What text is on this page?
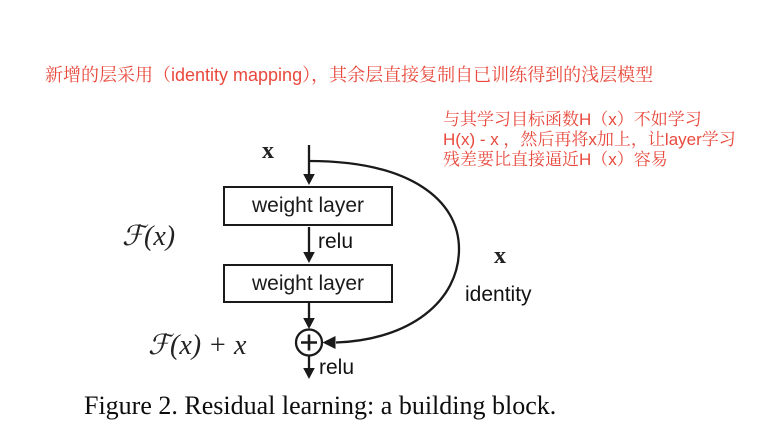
新增的层采用（identity mapping），其余层直接复制自已训练得到的浅层模型
与其学习目标函数H（x）不如学习
H(x) - x ，然后再将x加上，让layer学习
残差要比直接逼近H（x）容易
weight layer
weight layer
x
relu
ℱ(x)
ℱ(x) + x
x
identity
relu
Figure 2. Residual learning: a building block.
